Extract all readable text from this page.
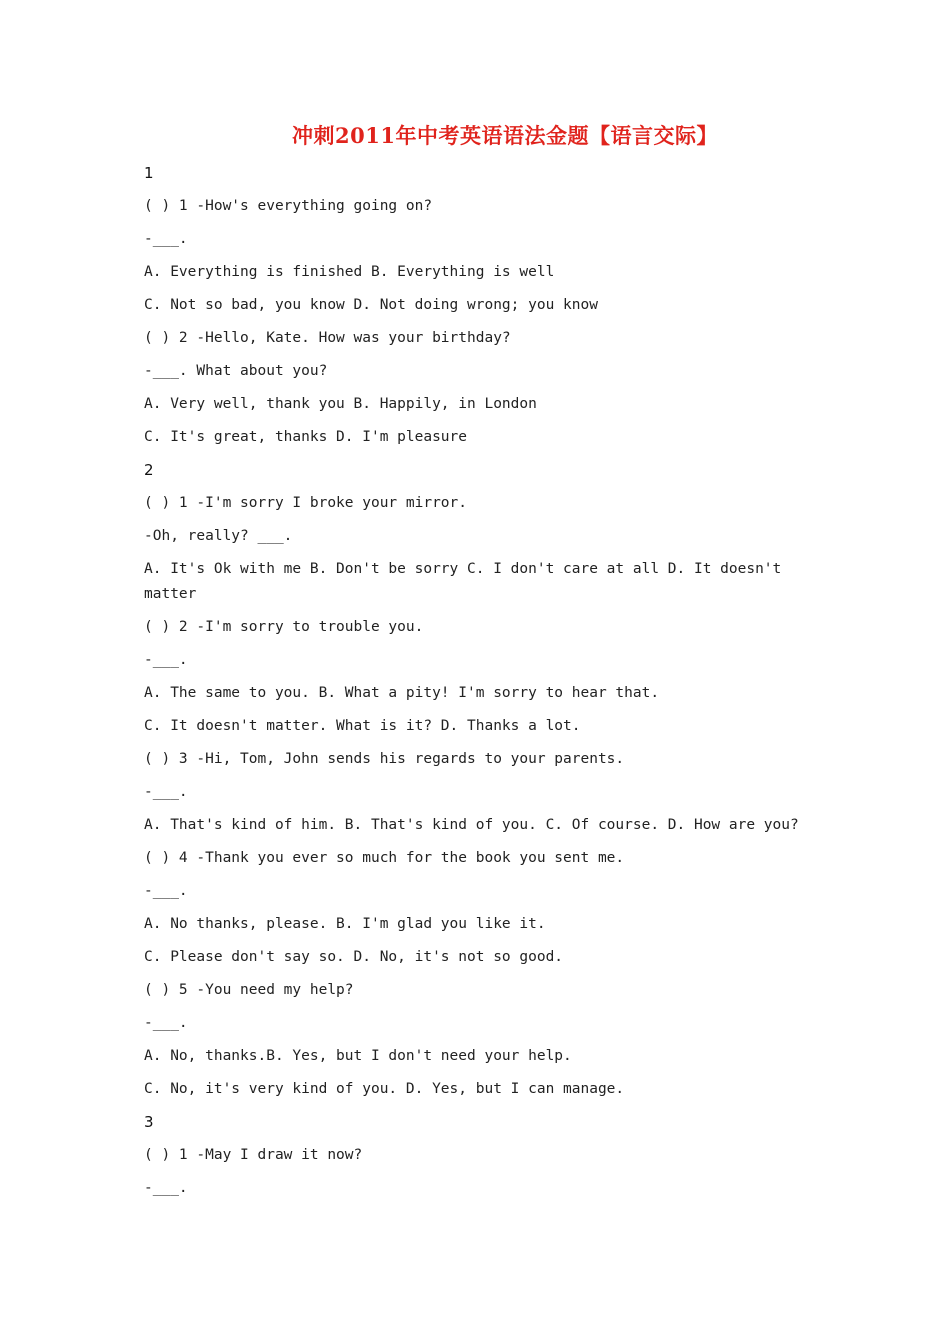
冲刺2011年中考英语语法金题【语言交际】
1
( ) 1 -How's everything going on?
-___.
A. Everything is finished B. Everything is well
C. Not so bad, you know D. Not doing wrong; you know
( ) 2 -Hello, Kate. How was your birthday?
-___. What about you?
A. Very well, thank you B. Happily, in London
C. It's great, thanks D. I'm pleasure
2
( ) 1 -I'm sorry I broke your mirror.
-Oh, really? ___.
A. It's Ok with me B. Don't be sorry C. I don't care at all D. It doesn't matter
( ) 2 -I'm sorry to trouble you.
-___.
A. The same to you. B. What a pity! I'm sorry to hear that.
C. It doesn't matter. What is it? D. Thanks a lot.
( ) 3 -Hi, Tom, John sends his regards to your parents.
-___.
A. That's kind of him. B. That's kind of you. C. Of course. D. How are you?
( ) 4 -Thank you ever so much for the book you sent me.
-___.
A. No thanks, please. B. I'm glad you like it.
C. Please don't say so. D. No, it's not so good.
( ) 5 -You need my help?
-___.
A. No, thanks.B. Yes, but I don't need your help.
C. No, it's very kind of you. D. Yes, but I can manage.
3
( ) 1 -May I draw it now?
-___.
